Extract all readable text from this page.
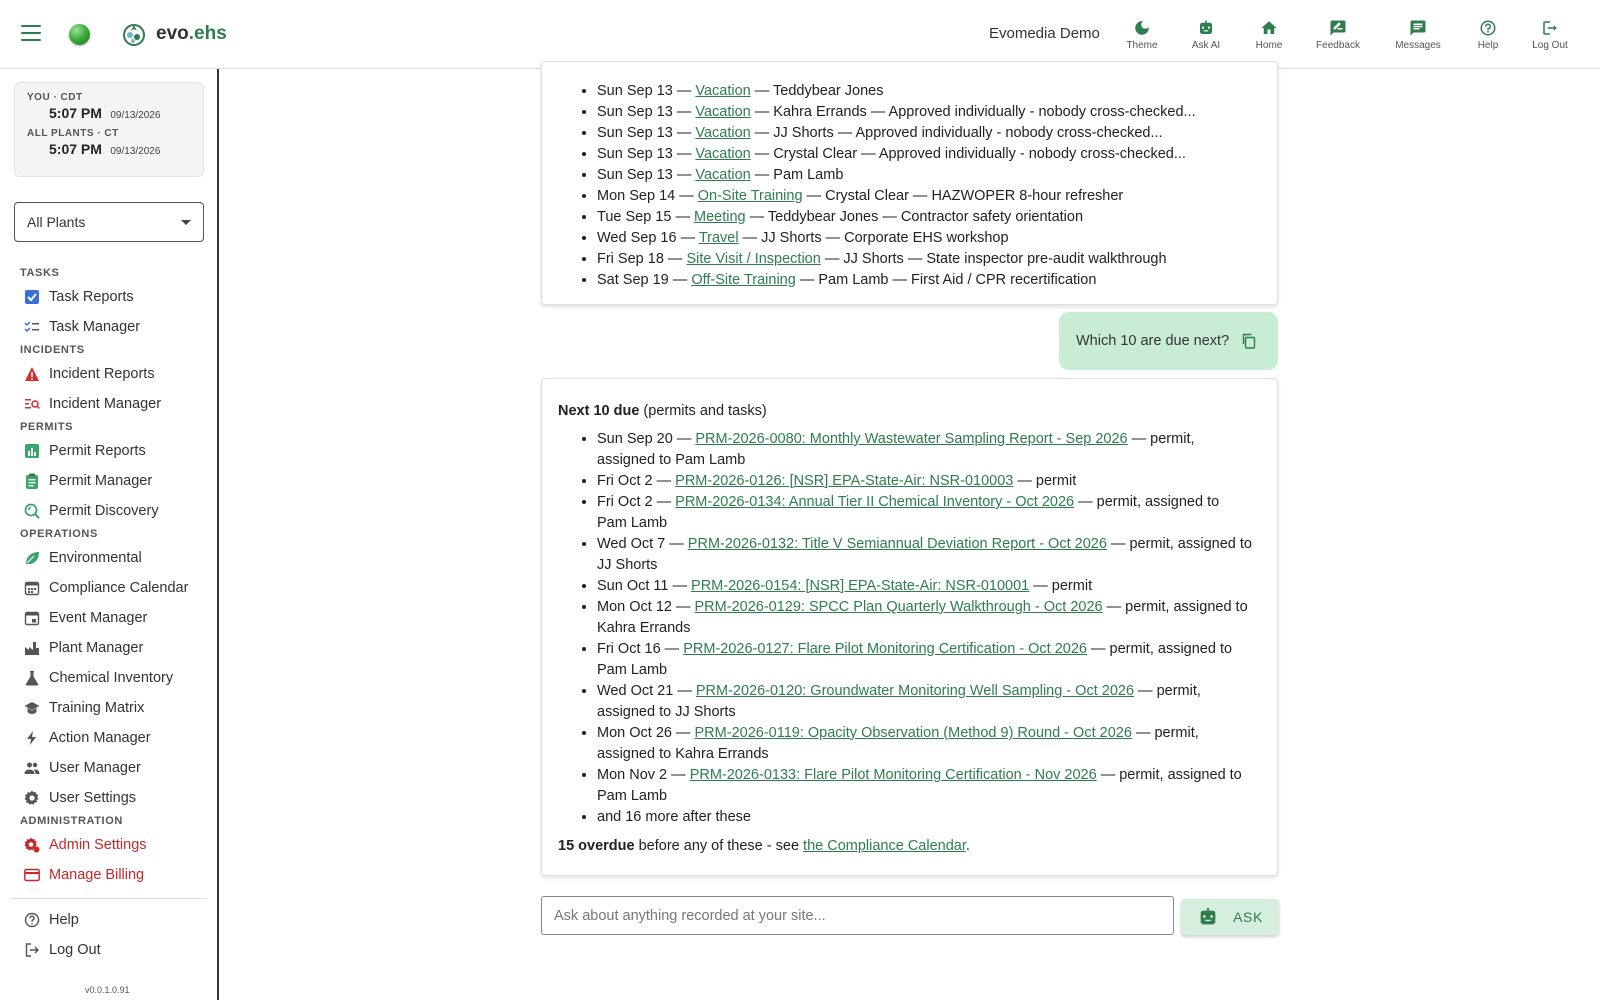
evo.ehs	Evomedia Demo
Theme	Ask AI	Home	Feedback	Messages	Help	Log Out
YOU · CDT
5:07 PM 09/13/2026
ALL PLANTS · CT
5:07 PM 09/13/2026
All Plants
TASKS
Task Reports
Task Manager
INCIDENTS
Incident Reports
Incident Manager
PERMITS
Permit Reports
Permit Manager
Permit Discovery
OPERATIONS
Environmental
Compliance Calendar
Event Manager
Plant Manager
Chemical Inventory
Training Matrix
Action Manager
User Manager
User Settings
ADMINISTRATION
Admin Settings
Manage Billing
Help
Log Out
v0.0.1.0.91
• Sun Sep 13 — Vacation — Teddybear Jones
• Sun Sep 13 — Vacation — Kahra Errands — Approved individually - nobody cross-checked...
• Sun Sep 13 — Vacation — JJ Shorts — Approved individually - nobody cross-checked...
• Sun Sep 13 — Vacation — Crystal Clear — Approved individually - nobody cross-checked...
• Sun Sep 13 — Vacation — Pam Lamb
• Mon Sep 14 — On-Site Training — Crystal Clear — HAZWOPER 8-hour refresher
• Tue Sep 15 — Meeting — Teddybear Jones — Contractor safety orientation
• Wed Sep 16 — Travel — JJ Shorts — Corporate EHS workshop
• Fri Sep 18 — Site Visit / Inspection — JJ Shorts — State inspector pre-audit walkthrough
• Sat Sep 19 — Off-Site Training — Pam Lamb — First Aid / CPR recertification
Which 10 are due next?
Next 10 due (permits and tasks)
• Sun Sep 20 — PRM-2026-0080: Monthly Wastewater Sampling Report - Sep 2026 — permit, assigned to Pam Lamb
• Fri Oct 2 — PRM-2026-0126: [NSR] EPA-State-Air: NSR-010003 — permit
• Fri Oct 2 — PRM-2026-0134: Annual Tier II Chemical Inventory - Oct 2026 — permit, assigned to Pam Lamb
• Wed Oct 7 — PRM-2026-0132: Title V Semiannual Deviation Report - Oct 2026 — permit, assigned to JJ Shorts
• Sun Oct 11 — PRM-2026-0154: [NSR] EPA-State-Air: NSR-010001 — permit
• Mon Oct 12 — PRM-2026-0129: SPCC Plan Quarterly Walkthrough - Oct 2026 — permit, assigned to Kahra Errands
• Fri Oct 16 — PRM-2026-0127: Flare Pilot Monitoring Certification - Oct 2026 — permit, assigned to Pam Lamb
• Wed Oct 21 — PRM-2026-0120: Groundwater Monitoring Well Sampling - Oct 2026 — permit, assigned to JJ Shorts
• Mon Oct 26 — PRM-2026-0119: Opacity Observation (Method 9) Round - Oct 2026 — permit, assigned to Kahra Errands
• Mon Nov 2 — PRM-2026-0133: Flare Pilot Monitoring Certification - Nov 2026 — permit, assigned to Pam Lamb
• and 16 more after these
15 overdue before any of these - see the Compliance Calendar.
Ask about anything recorded at your site...
ASK
